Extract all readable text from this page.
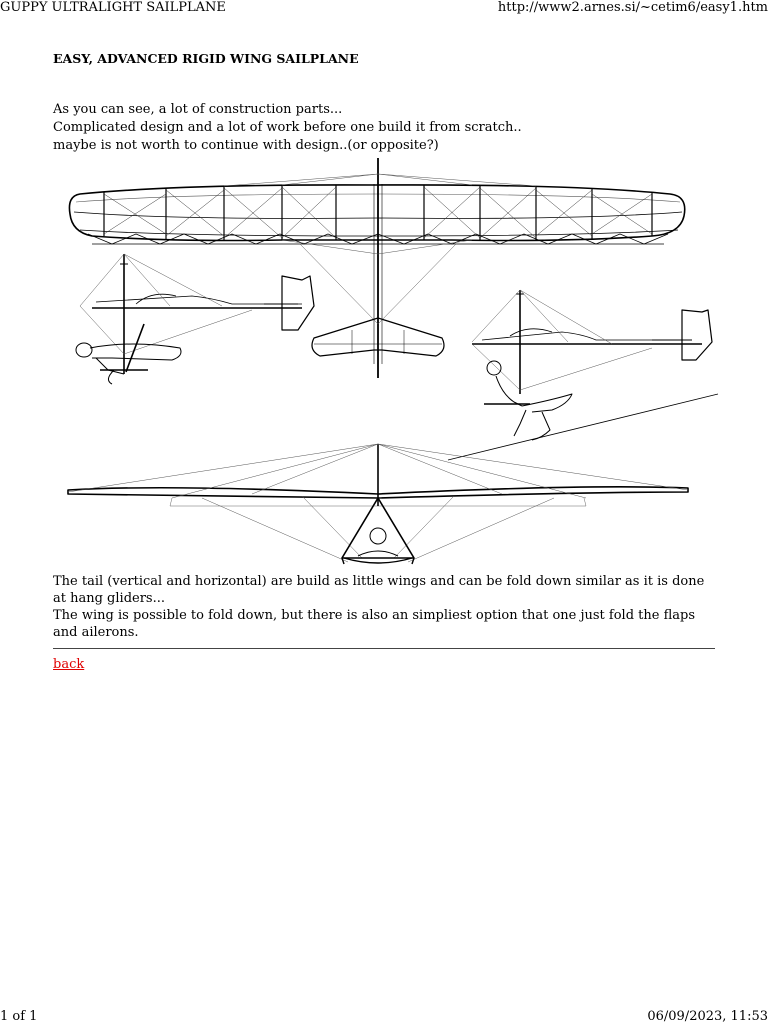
GUPPY ULTRALIGHT SAILPLANE	http://www2.arnes.si/~cetim6/easy1.htm
EASY, ADVANCED RIGID WING SAILPLANE

As you can see, a lot of construction parts...

Complicated design and a lot of work before one build it from scratch..

maybe is not worth to continue with design..(or opposite?)

The tail (vertical and horizontal) are build as little wings and can be fold down similar as it is done at hang gliders...

The wing is possible to fold down, but there is also an simpliest option that one just fold the flaps and ailerons.

back
1 of 1	06/09/2023, 11:53
